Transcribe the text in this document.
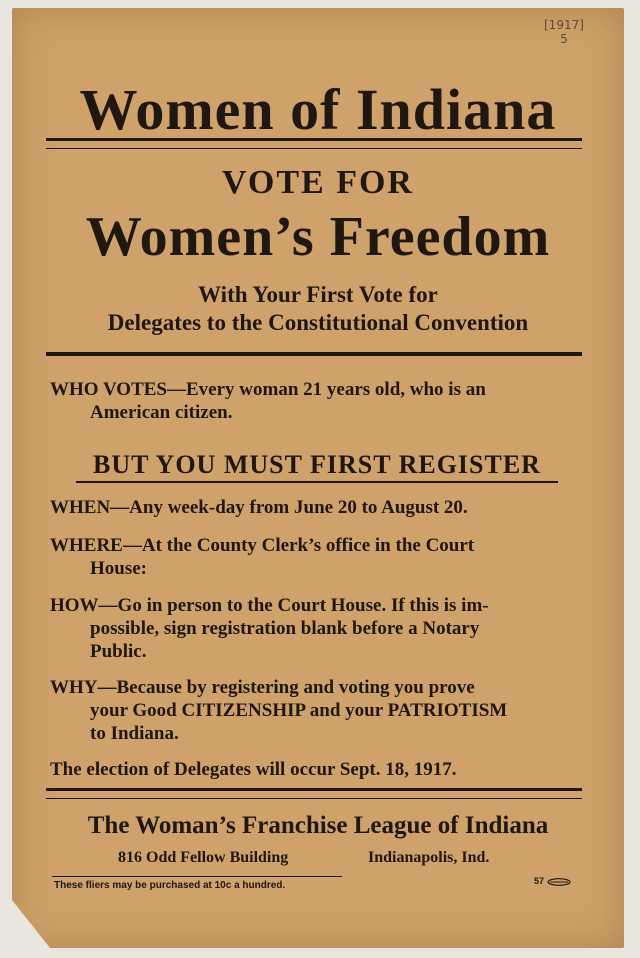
[1917]
5
Women of Indiana
VOTE FOR
Women’s Freedom
With Your First Vote for
Delegates to the Constitutional Convention
WHO VOTES—Every woman 21 years old, who is an
American citizen.
BUT YOU MUST FIRST REGISTER
WHEN—Any week-day from June 20 to August 20.
WHERE—At the County Clerk’s office in the Court
House:
HOW—Go in person to the Court House. If this is im-
possible, sign registration blank before a Notary
Public.
WHY—Because by registering and voting you prove
your Good CITIZENSHIP and your PATRIOTISM
to Indiana.
The election of Delegates will occur Sept. 18, 1917.
The Woman’s Franchise League of Indiana
816 Odd Fellow Building	Indianapolis, Ind.
These fliers may be purchased at 10c a hundred.	57
